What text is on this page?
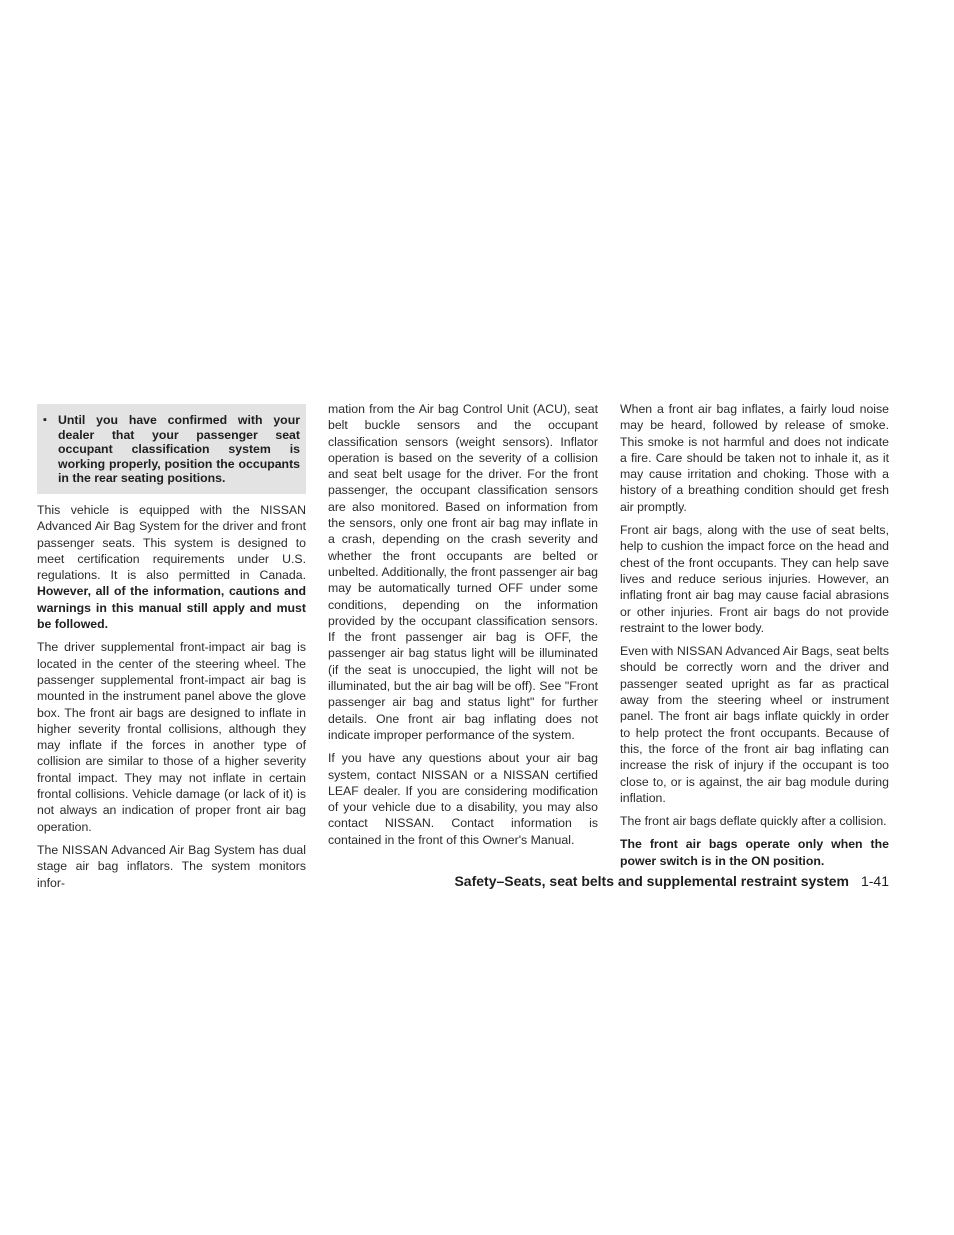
▪ Until you have confirmed with your dealer that your passenger seat occupant classification system is working properly, position the occupants in the rear seating positions.

This vehicle is equipped with the NISSAN Advanced Air Bag System for the driver and front passenger seats. This system is designed to meet certification requirements under U.S. regulations. It is also permitted in Canada. However, all of the information, cautions and warnings in this manual still apply and must be followed.

The driver supplemental front-impact air bag is located in the center of the steering wheel. The passenger supplemental front-impact air bag is mounted in the instrument panel above the glove box. The front air bags are designed to inflate in higher severity frontal collisions, although they may inflate if the forces in another type of collision are similar to those of a higher severity frontal impact. They may not inflate in certain frontal collisions. Vehicle damage (or lack of it) is not always an indication of proper front air bag operation.

The NISSAN Advanced Air Bag System has dual stage air bag inflators. The system monitors infor-

mation from the Air bag Control Unit (ACU), seat belt buckle sensors and the occupant classification sensors (weight sensors). Inflator operation is based on the severity of a collision and seat belt usage for the driver. For the front passenger, the occupant classification sensors are also monitored. Based on information from the sensors, only one front air bag may inflate in a crash, depending on the crash severity and whether the front occupants are belted or unbelted. Additionally, the front passenger air bag may be automatically turned OFF under some conditions, depending on the information provided by the occupant classification sensors. If the front passenger air bag is OFF, the passenger air bag status light will be illuminated (if the seat is unoccupied, the light will not be illuminated, but the air bag will be off). See "Front passenger air bag and status light" for further details. One front air bag inflating does not indicate improper performance of the system.

If you have any questions about your air bag system, contact NISSAN or a NISSAN certified LEAF dealer. If you are considering modification of your vehicle due to a disability, you may also contact NISSAN. Contact information is contained in the front of this Owner's Manual.

When a front air bag inflates, a fairly loud noise may be heard, followed by release of smoke. This smoke is not harmful and does not indicate a fire. Care should be taken not to inhale it, as it may cause irritation and choking. Those with a history of a breathing condition should get fresh air promptly.

Front air bags, along with the use of seat belts, help to cushion the impact force on the head and chest of the front occupants. They can help save lives and reduce serious injuries. However, an inflating front air bag may cause facial abrasions or other injuries. Front air bags do not provide restraint to the lower body.

Even with NISSAN Advanced Air Bags, seat belts should be correctly worn and the driver and passenger seated upright as far as practical away from the steering wheel or instrument panel. The front air bags inflate quickly in order to help protect the front occupants. Because of this, the force of the front air bag inflating can increase the risk of injury if the occupant is too close to, or is against, the air bag module during inflation.

The front air bags deflate quickly after a collision.

The front air bags operate only when the power switch is in the ON position.

Safety–Seats, seat belts and supplemental restraint system 1-41
